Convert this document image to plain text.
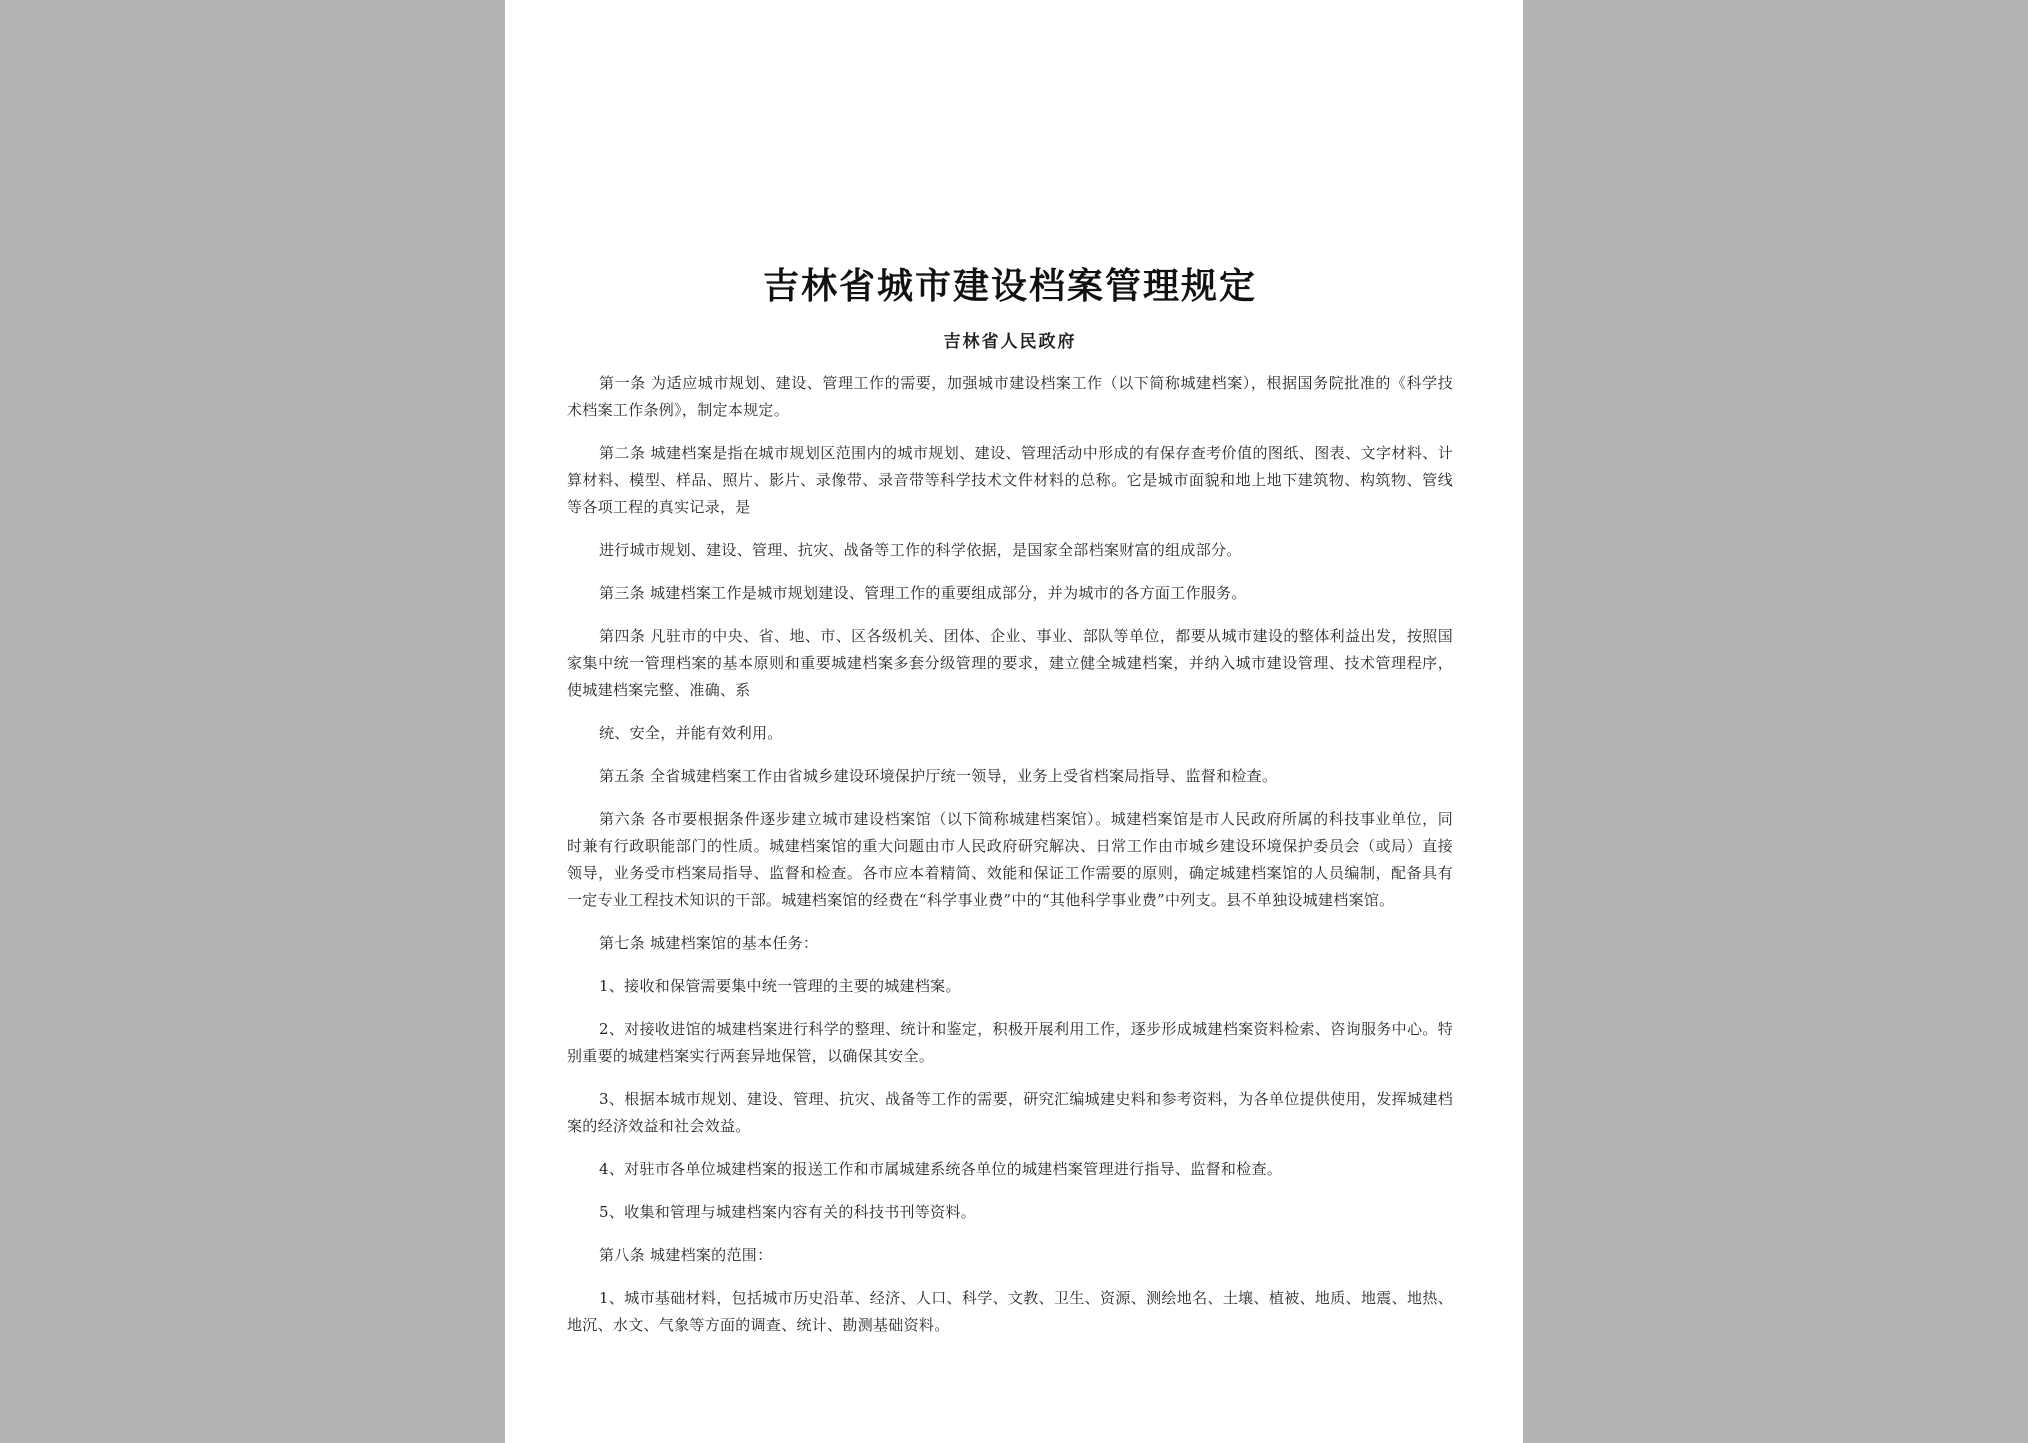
吉林省城市建设档案管理规定
吉林省人民政府

第一条 为适应城市规划、建设、管理工作的需要，加强城市建设档案工作（以下简称城建档案），根据国务院批准的《科学技术档案工作条例》，制定本规定。

第二条 城建档案是指在城市规划区范围内的城市规划、建设、管理活动中形成的有保存查考价值的图纸、图表、文字材料、计算材料、模型、样品、照片、影片、录像带、录音带等科学技术文件材料的总称。它是城市面貌和地上地下建筑物、构筑物、管线等各项工程的真实记录，是

进行城市规划、建设、管理、抗灾、战备等工作的科学依据，是国家全部档案财富的组成部分。

第三条 城建档案工作是城市规划建设、管理工作的重要组成部分，并为城市的各方面工作服务。

第四条 凡驻市的中央、省、地、市、区各级机关、团体、企业、事业、部队等单位，都要从城市建设的整体利益出发，按照国家集中统一管理档案的基本原则和重要城建档案多套分级管理的要求，建立健全城建档案，并纳入城市建设管理、技术管理程序，使城建档案完整、准确、系

统、安全，并能有效利用。

第五条 全省城建档案工作由省城乡建设环境保护厅统一领导，业务上受省档案局指导、监督和检查。

第六条 各市要根据条件逐步建立城市建设档案馆（以下简称城建档案馆）。城建档案馆是市人民政府所属的科技事业单位，同时兼有行政职能部门的性质。城建档案馆的重大问题由市人民政府研究解决、日常工作由市城乡建设环境保护委员会（或局）直接领导，业务受市档案局指导、监督和检查。各市应本着精简、效能和保证工作需要的原则，确定城建档案馆的人员编制，配备具有一定专业工程技术知识的干部。城建档案馆的经费在“科学事业费”中的“其他科学事业费”中列支。县不单独设城建档案馆。

第七条 城建档案馆的基本任务：

1、接收和保管需要集中统一管理的主要的城建档案。

2、对接收进馆的城建档案进行科学的整理、统计和鉴定，积极开展利用工作，逐步形成城建档案资料检索、咨询服务中心。特别重要的城建档案实行两套异地保管，以确保其安全。

3、根据本城市规划、建设、管理、抗灾、战备等工作的需要，研究汇编城建史料和参考资料，为各单位提供使用，发挥城建档案的经济效益和社会效益。

4、对驻市各单位城建档案的报送工作和市属城建系统各单位的城建档案管理进行指导、监督和检查。

5、收集和管理与城建档案内容有关的科技书刊等资料。

第八条 城建档案的范围：

1、城市基础材料，包括城市历史沿革、经济、人口、科学、文教、卫生、资源、测绘地名、土壤、植被、地质、地震、地热、地沉、水文、气象等方面的调查、统计、勘测基础资料。
